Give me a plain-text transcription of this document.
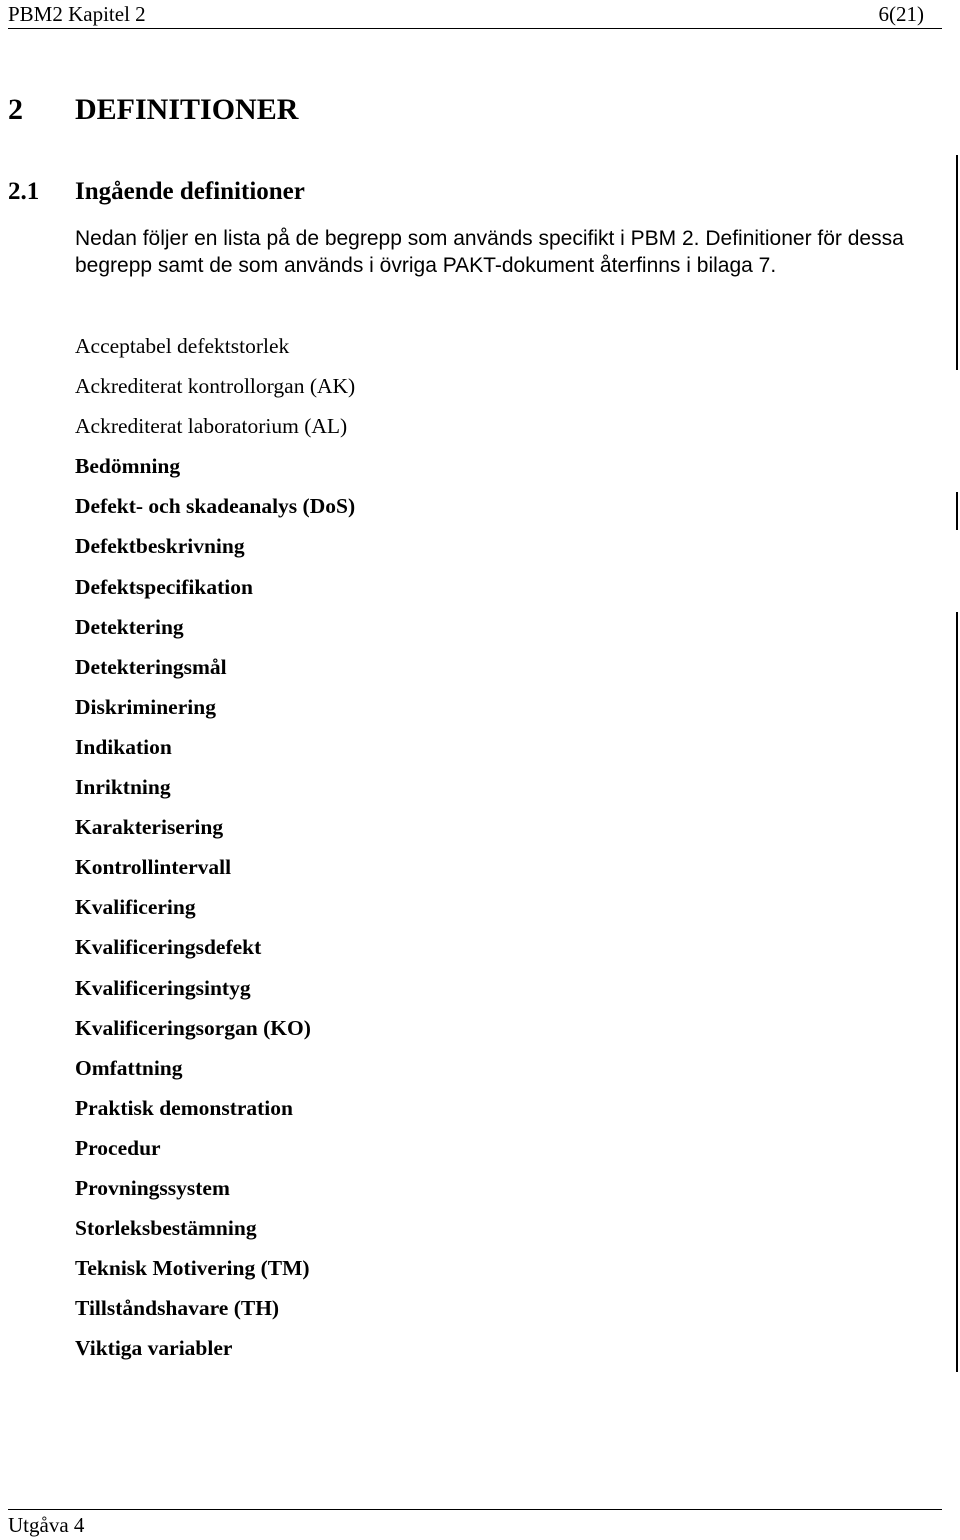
PBM2 Kapitel 2	6(21)
2 DEFINITIONER
2.1 Ingående definitioner

Nedan följer en lista på de begrepp som används specifikt i PBM 2. Definitioner för dessa begrepp samt de som används i övriga PAKT-dokument återfinns i bilaga 7.

Acceptabel defektstorlek
Ackrediterat kontrollorgan (AK)
Ackrediterat laboratorium (AL)
Bedömning
Defekt- och skadeanalys (DoS)
Defektbeskrivning
Defektspecifikation
Detektering
Detekteringsmål
Diskriminering
Indikation
Inriktning
Karakterisering
Kontrollintervall
Kvalificering
Kvalificeringsdefekt
Kvalificeringsintyg
Kvalificeringsorgan (KO)
Omfattning
Praktisk demonstration
Procedur
Provningssystem
Storleksbestämning
Teknisk Motivering (TM)
Tillståndshavare (TH)
Viktiga variabler
Utgåva 4
